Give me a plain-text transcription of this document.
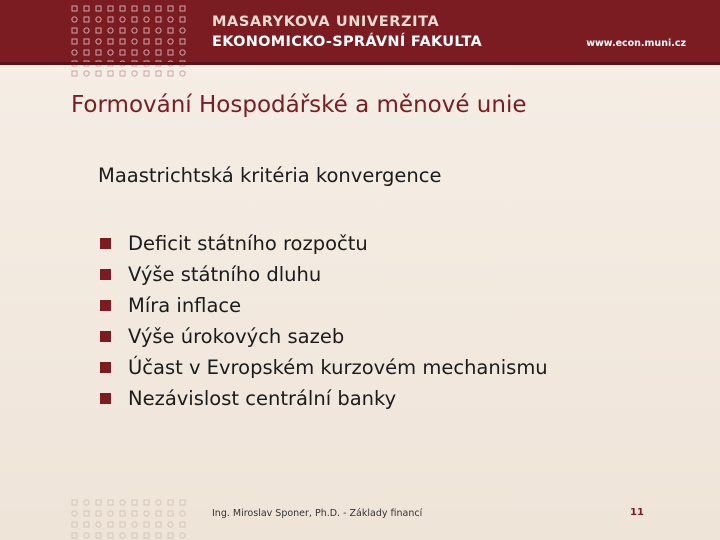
MASARYKOVA UNIVERZITA
EKONOMICKO-SPRÁVNÍ FAKULTA	www.econ.muni.cz
Formování Hospodářské a měnové unie
Maastrichtská kritéria konvergence
Deficit státního rozpočtu
Výše státního dluhu
Míra inflace
Výše úrokových sazeb
Účast v Evropském kurzovém mechanismu
Nezávislost centrální banky
Ing. Miroslav Sponer, Ph.D. - Základy financí	11
